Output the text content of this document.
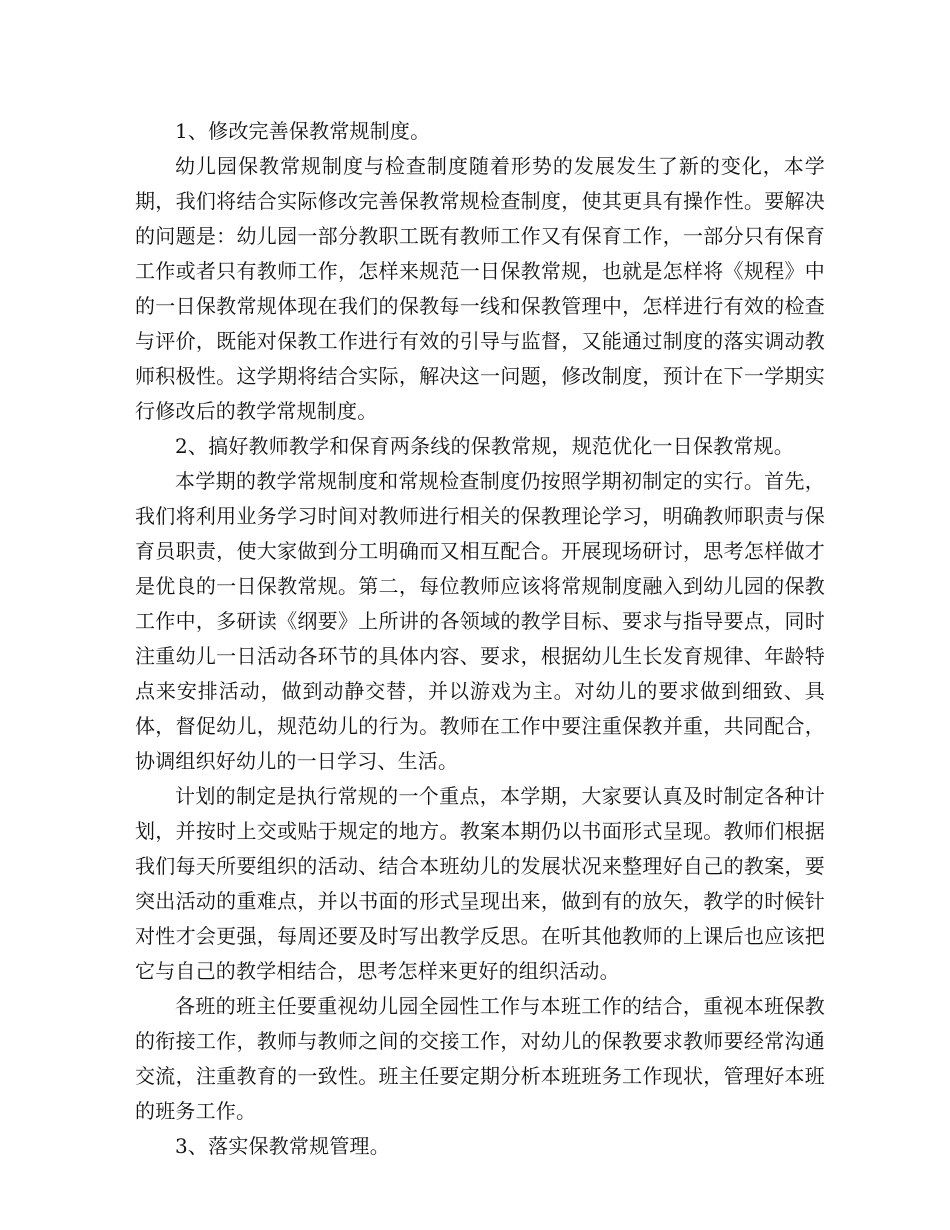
1、修改完善保教常规制度。

幼儿园保教常规制度与检查制度随着形势的发展发生了新的变化，本学期，我们将结合实际修改完善保教常规检查制度，使其更具有操作性。要解决的问题是：幼儿园一部分教职工既有教师工作又有保育工作，一部分只有保育工作或者只有教师工作，怎样来规范一日保教常规，也就是怎样将《规程》中的一日保教常规体现在我们的保教每一线和保教管理中，怎样进行有效的检查与评价，既能对保教工作进行有效的引导与监督，又能通过制度的落实调动教师积极性。这学期将结合实际，解决这一问题，修改制度，预计在下一学期实行修改后的教学常规制度。

2、搞好教师教学和保育两条线的保教常规，规范优化一日保教常规。

本学期的教学常规制度和常规检查制度仍按照学期初制定的实行。首先，我们将利用业务学习时间对教师进行相关的保教理论学习，明确教师职责与保育员职责，使大家做到分工明确而又相互配合。开展现场研讨，思考怎样做才是优良的一日保教常规。第二，每位教师应该将常规制度融入到幼儿园的保教工作中，多研读《纲要》上所讲的各领域的教学目标、要求与指导要点，同时注重幼儿一日活动各环节的具体内容、要求，根据幼儿生长发育规律、年龄特点来安排活动，做到动静交替，并以游戏为主。对幼儿的要求做到细致、具体，督促幼儿，规范幼儿的行为。教师在工作中要注重保教并重，共同配合，协调组织好幼儿的一日学习、生活。

计划的制定是执行常规的一个重点，本学期，大家要认真及时制定各种计划，并按时上交或贴于规定的地方。教案本期仍以书面形式呈现。教师们根据我们每天所要组织的活动、结合本班幼儿的发展状况来整理好自己的教案，要突出活动的重难点，并以书面的形式呈现出来，做到有的放矢，教学的时候针对性才会更强，每周还要及时写出教学反思。在听其他教师的上课后也应该把它与自己的教学相结合，思考怎样来更好的组织活动。

各班的班主任要重视幼儿园全园性工作与本班工作的结合，重视本班保教的衔接工作，教师与教师之间的交接工作，对幼儿的保教要求教师要经常沟通交流，注重教育的一致性。班主任要定期分析本班班务工作现状，管理好本班的班务工作。

3、落实保教常规管理。
